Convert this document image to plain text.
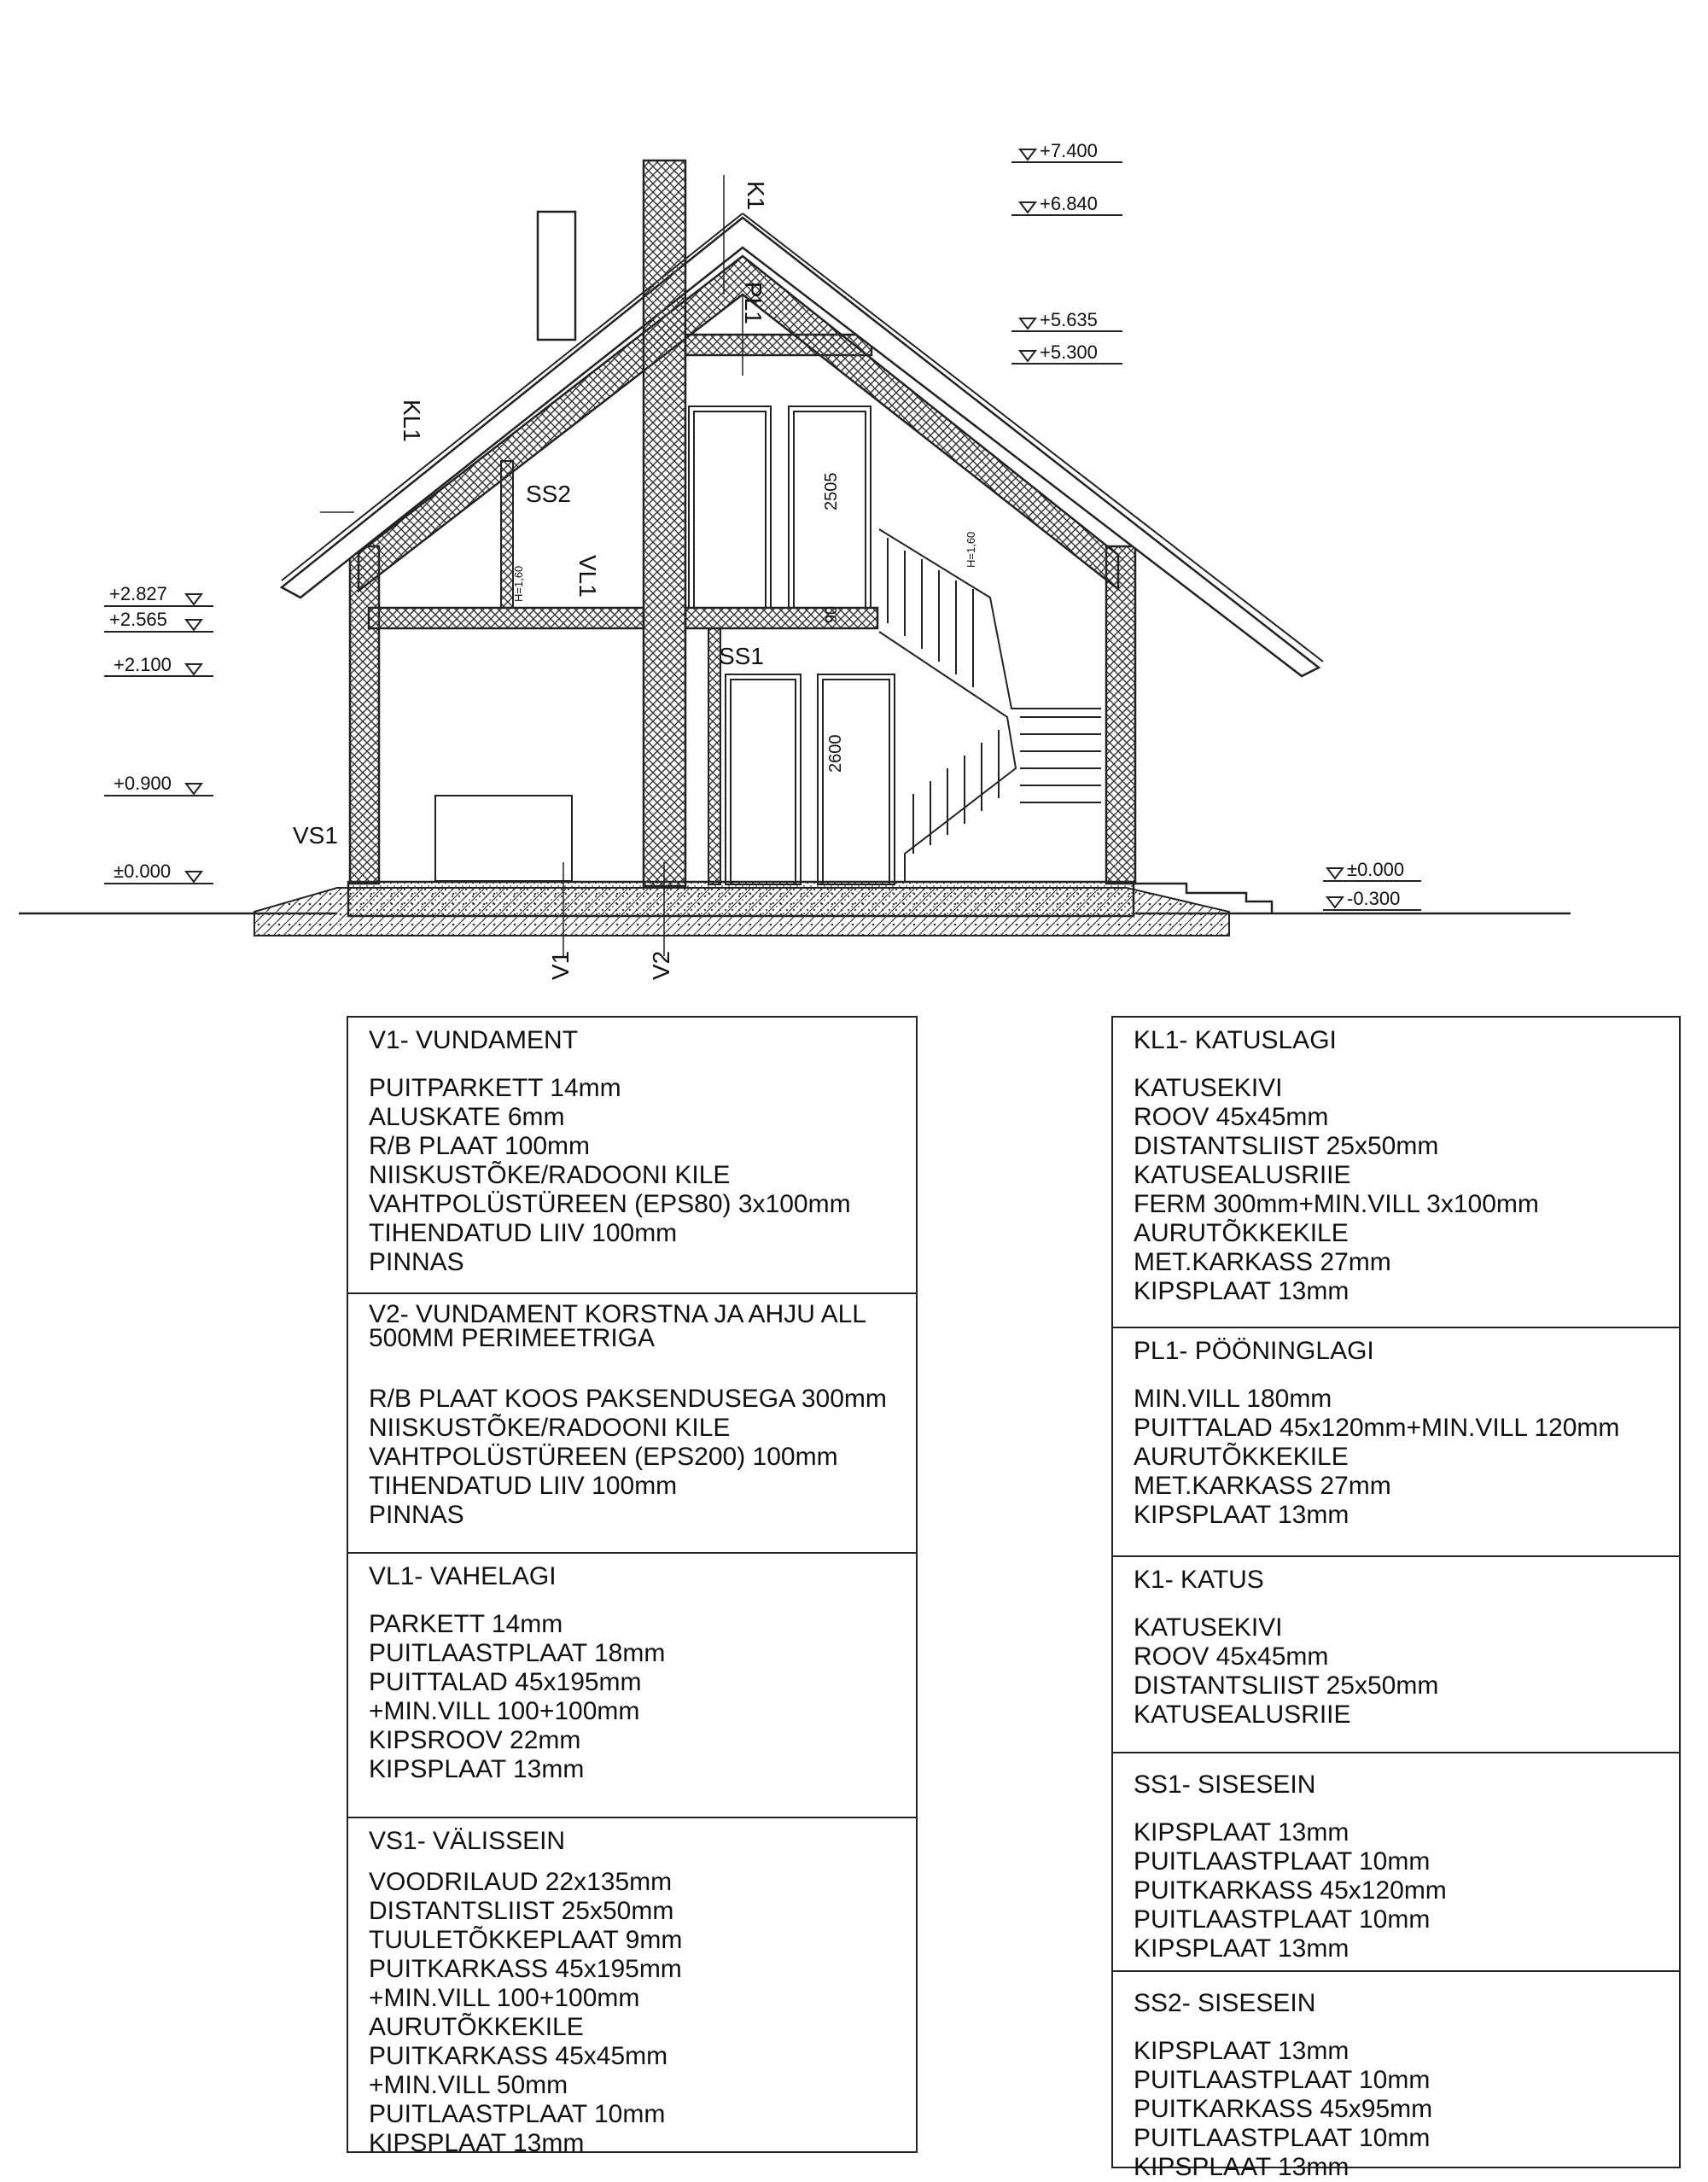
+2.827
+2.565
+2.100
+0.900
±0.000
+7.400
+6.840
+5.635
+5.300
±0.000
-0.300
K1
PL1
KL1
SS2
VL1
SS1
VS1
V1	V2
2505
2600
90
H=1,60
H=1,60
V1- VUNDAMENT
PUITPARKETT 14mm
ALUSKATE 6mm
R/B PLAAT 100mm
NIISKUSTÕKE/RADOONI KILE
VAHTPOLÜSTÜREEN (EPS80) 3x100mm
TIHENDATUD LIIV 100mm
PINNAS
V2- VUNDAMENT KORSTNA JA AHJU ALL 500MM PERIMEETRIGA
R/B PLAAT KOOS PAKSENDUSEGA 300mm
NIISKUSTÕKE/RADOONI KILE
VAHTPOLÜSTÜREEN (EPS200) 100mm
TIHENDATUD LIIV 100mm
PINNAS
VL1- VAHELAGI
PARKETT 14mm
PUITLAASTPLAAT 18mm
PUITTALAD 45x195mm
+MIN.VILL 100+100mm
KIPSROOV 22mm
KIPSPLAAT 13mm
VS1- VÄLISSEIN
VOODRILAUD 22x135mm
DISTANTSLIIST 25x50mm
TUULETÕKKEPLAAT 9mm
PUITKARKASS 45x195mm
+MIN.VILL 100+100mm
AURUTÕKKEKILE
PUITKARKASS 45x45mm
+MIN.VILL 50mm
PUITLAASTPLAAT 10mm
KIPSPLAAT 13mm
KL1- KATUSLAGI
KATUSEKIVI
ROOV 45x45mm
DISTANTSLIIST 25x50mm
KATUSEALUSRIIE
FERM 300mm+MIN.VILL 3x100mm
AURUTÕKKEKILE
MET.KARKASS 27mm
KIPSPLAAT 13mm
PL1- PÖÖNINGLAGI
MIN.VILL 180mm
PUITTALAD 45x120mm+MIN.VILL 120mm
AURUTÕKKEKILE
MET.KARKASS 27mm
KIPSPLAAT 13mm
K1- KATUS
KATUSEKIVI
ROOV 45x45mm
DISTANTSLIIST 25x50mm
KATUSEALUSRIIE
SS1- SISESEIN
KIPSPLAAT 13mm
PUITLAASTPLAAT 10mm
PUITKARKASS 45x120mm
PUITLAASTPLAAT 10mm
KIPSPLAAT 13mm
SS2- SISESEIN
KIPSPLAAT 13mm
PUITLAASTPLAAT 10mm
PUITKARKASS 45x95mm
PUITLAASTPLAAT 10mm
KIPSPLAAT 13mm
